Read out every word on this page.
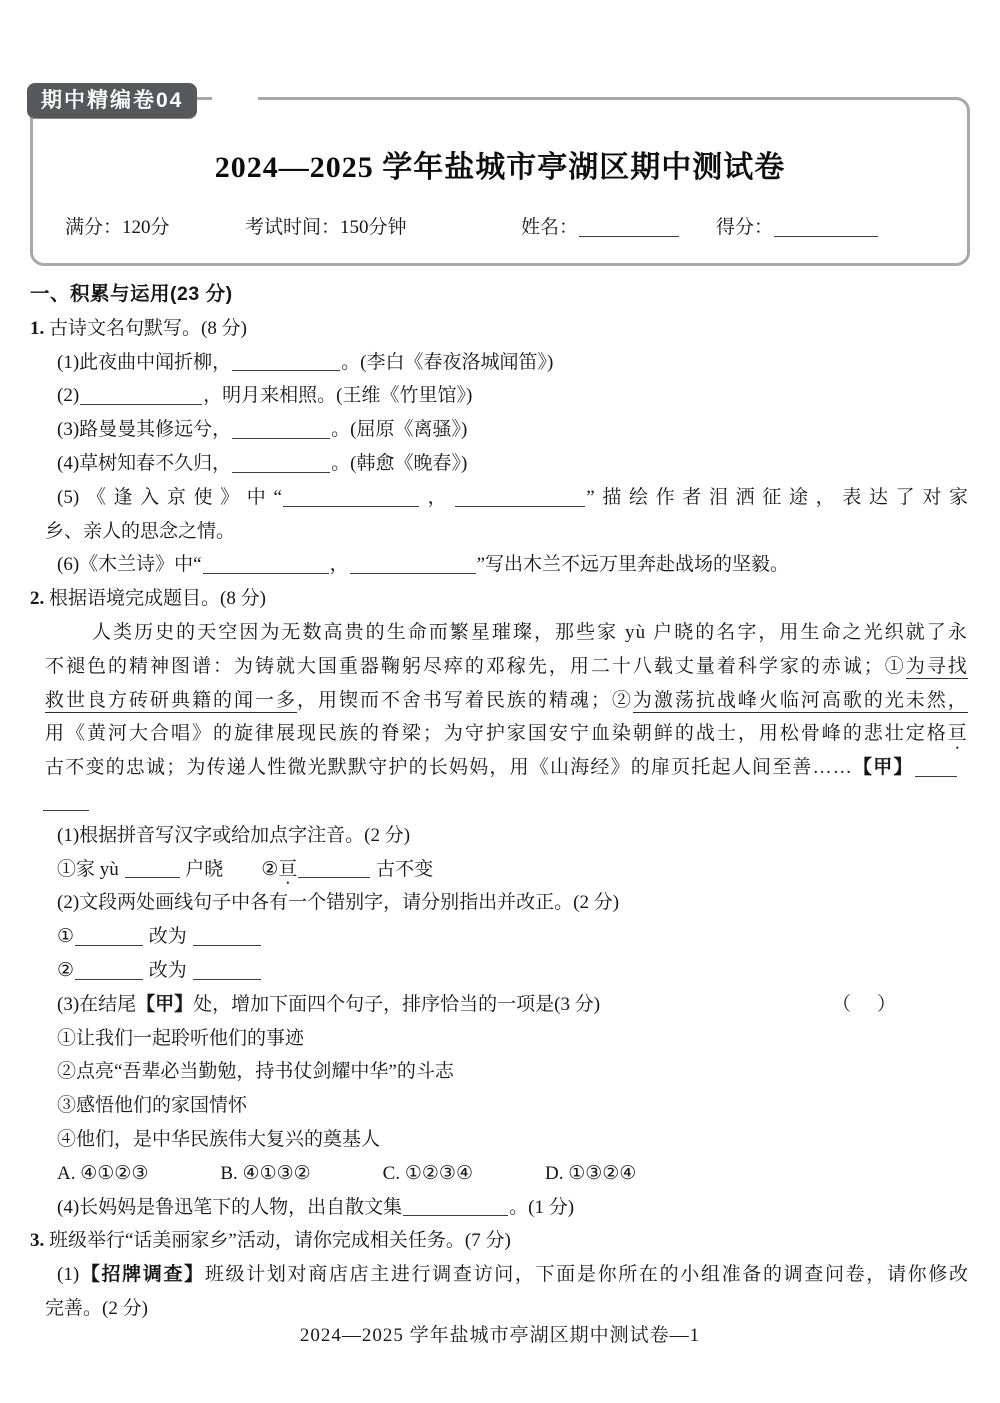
期中精编卷04
2024—2025 学年盐城市亭湖区期中测试卷
满分：120分	考试时间：150分钟	姓名：	得分：
一、积累与运用(23 分)
1. 古诗文名句默写。(8 分)
(1)此夜曲中闻折柳，	。(李白《春夜洛城闻笛》)
(2)	，明月来相照。(王维《竹里馆》)
(3)路曼曼其修远兮，	。(屈原《离骚》)
(4)草树知春不久归，	。(韩愈《晚春》)
(5)《逢入京使》中“	，	”描绘作者泪洒征途，表达了对家
乡、亲人的思念之情。
(6)《木兰诗》中“	，	”写出木兰不远万里奔赴战场的坚毅。
2. 根据语境完成题目。(8 分)
人类历史的天空因为无数高贵的生命而繁星璀璨，那些家 yù 户晓的名字，用生命之光织就了永
不褪色的精神图谱：为铸就大国重器鞠躬尽瘁的邓稼先，用二十八载丈量着科学家的赤诚；①为寻找
救世良方砖研典籍的闻一多，用锲而不舍书写着民族的精魂；②为激荡抗战峰火临河高歌的光未然，
用《黄河大合唱》的旋律展现民族的脊梁；为守护家国安宁血染朝鲜的战士，用松骨峰的悲壮定格亘
古不变的忠诚；为传递人性微光默默守护的长妈妈，用《山海经》的扉页托起人间至善……【甲】
(1)根据拼音写汉字或给加点字注音。(2 分)
①家 yù	户晓 ②亘	古不变
(2)文段两处画线句子中各有一个错别字，请分别指出并改正。(2 分)
①	改为
②	改为
(3)在结尾【甲】处，增加下面四个句子，排序恰当的一项是(3 分)	（ ）
①让我们一起聆听他们的事迹
②点亮“吾辈必当勤勉，持书仗剑耀中华”的斗志
③感悟他们的家国情怀
④他们，是中华民族伟大复兴的奠基人
A. ④①②③	B. ④①③②	C. ①②③④	D. ①③②④
(4)长妈妈是鲁迅笔下的人物，出自散文集	。(1 分)
3. 班级举行“话美丽家乡”活动，请你完成相关任务。(7 分)
(1)【招牌调查】班级计划对商店店主进行调查访问，下面是你所在的小组准备的调查问卷，请你修改
完善。(2 分)
2024—2025 学年盐城市亭湖区期中测试卷—1
